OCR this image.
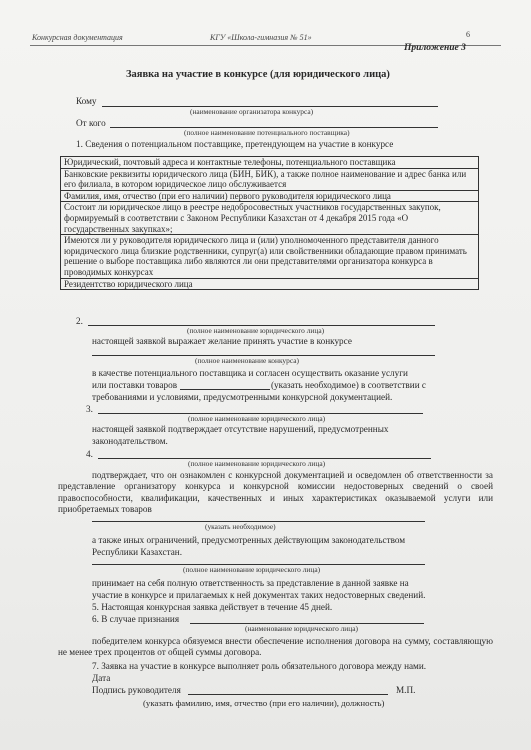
Конкурсная документация	КГУ «Школа-гимназия № 51»	6
Приложение 3
Заявка на участие в конкурсе (для юридического лица)
Кому
(наименование организатора конкурса)
От кого
(полное наименование потенциального поставщика)
1. Сведения о потенциальном поставщике, претендующем на участие в конкурсе
Юридический, почтовый адреса и контактные телефоны, потенциального поставщика
Банковские реквизиты юридического лица (БИН, БИК), а также полное наименование и адрес банка или его филиала, в котором юридическое лицо обслуживается
Фамилия, имя, отчество (при его наличии) первого руководителя юридического лица
Состоит ли юридическое лицо в реестре недобросовестных участников государственных закупок, формируемый в соответствии с Законом Республики Казахстан от 4 декабря 2015 года «О государственных закупках»;
Имеются ли у руководителя юридического лица и (или) уполномоченного представителя данного юридического лица близкие родственники, супруг(а) или свойственники обладающие правом принимать решение о выборе поставщика либо являются ли они представителями организатора конкурса в проводимых конкурсах
Резидентство юридического лица
2.
(полное наименование юридического лица)
настоящей заявкой выражает желание принять участие в конкурсе
(полное наименование конкурса)
в качестве потенциального поставщика и согласен осуществить оказание услуги
или поставки товаров	(указать необходимое) в соответствии с
требованиями и условиями, предусмотренными конкурсной документацией.
3.
(полное наименование юридического лица)
настоящей заявкой подтверждает отсутствие нарушений, предусмотренных
законодательством.
4.
(полное наименование юридического лица)
подтверждает, что он ознакомлен с конкурсной документацией и осведомлен об ответственности за представление организатору конкурса и конкурсной комиссии недостоверных сведений о своей правоспособности, квалификации, качественных и иных характеристиках оказываемой услуги или приобретаемых товаров
(указать необходимое)
а также иных ограничений, предусмотренных действующим законодательством
Республики Казахстан.
(полное наименование юридического лица)
принимает на себя полную ответственность за представление в данной заявке на
участие в конкурсе и прилагаемых к ней документах таких недостоверных сведений.
5. Настоящая конкурсная заявка действует в течение 45 дней.
6. В случае признания
(наименование юридического лица)
победителем конкурса обязуемся внести обеспечение исполнения договора на сумму, составляющую не менее трех процентов от общей суммы договора.
7. Заявка на участие в конкурсе выполняет роль обязательного договора между нами.
Дата
Подпись руководителя	М.П.
(указать фамилию, имя, отчество (при его наличии), должность)
